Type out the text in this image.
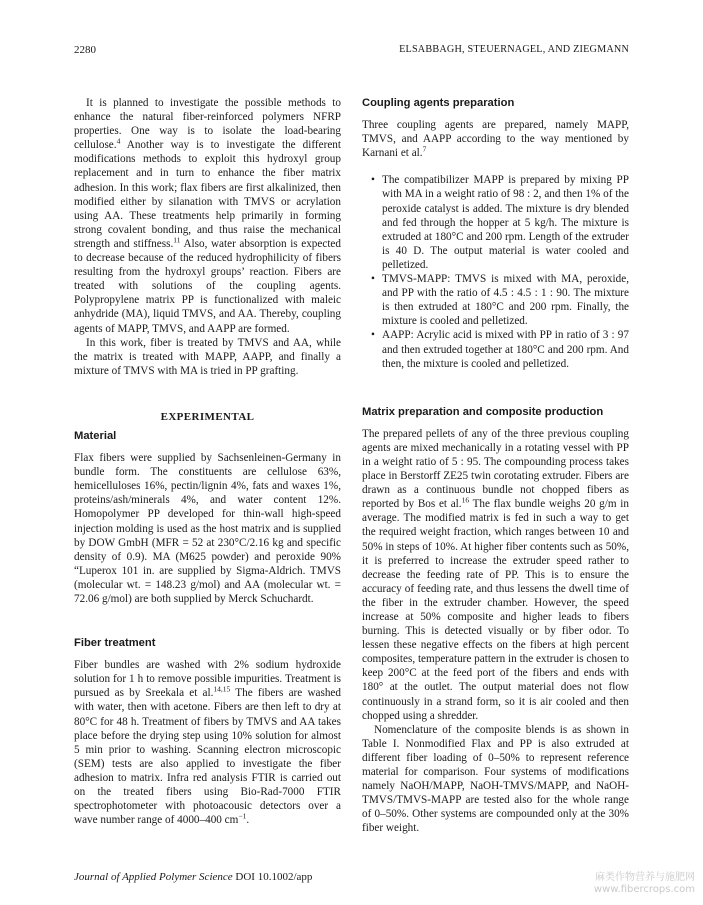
2280	ELSABBAGH, STEUERNAGEL, AND ZIEGMANN

It is planned to investigate the possible methods to enhance the natural fiber-reinforced polymers NFRP properties. One way is to isolate the load-bearing cellulose.$^4$ Another way is to investigate the different modifications methods to exploit this hydroxyl group replacement and in turn to enhance the fiber matrix adhesion. In this work; flax fibers are first alkalinized, then modified either by silanation with TMVS or acrylation using AA. These treatments help primarily in forming strong covalent bonding, and thus raise the mechanical strength and stiffness.$^{11}$ Also, water absorption is expected to decrease because of the reduced hydrophilicity of fibers resulting from the hydroxyl groups’ reaction. Fibers are treated with solutions of the coupling agents. Polypropylene matrix PP is functionalized with maleic anhydride (MA), liquid TMVS, and AA. Thereby, coupling agents of MAPP, TMVS, and AAPP are formed.

In this work, fiber is treated by TMVS and AA, while the matrix is treated with MAPP, AAPP, and finally a mixture of TMVS with MA is tried in PP grafting.

EXPERIMENTAL

Material

Flax fibers were supplied by Sachsenleinen-Germany in bundle form. The constituents are cellulose 63%, hemicelluloses 16%, pectin/lignin 4%, fats and waxes 1%, proteins/ash/minerals 4%, and water content 12%. Homopolymer PP developed for thin-wall high-speed injection molding is used as the host matrix and is supplied by DOW GmbH (MFR = 52 at 230°C/2.16 kg and specific density of 0.9). MA (M625 powder) and peroxide 90% “Luperox 101 in. are supplied by Sigma-Aldrich. TMVS (molecular wt. = 148.23 g/mol) and AA (molecular wt. = 72.06 g/mol) are both supplied by Merck Schuchardt.

Fiber treatment

Fiber bundles are washed with 2% sodium hydroxide solution for 1 h to remove possible impurities. Treatment is pursued as by Sreekala et al.$^{14,15}$ The fibers are washed with water, then with acetone. Fibers are then left to dry at 80°C for 48 h. Treatment of fibers by TMVS and AA takes place before the drying step using 10% solution for almost 5 min prior to washing. Scanning electron microscopic (SEM) tests are also applied to investigate the fiber adhesion to matrix. Infra red analysis FTIR is carried out on the treated fibers using Bio-Rad-7000 FTIR spectrophotometer with photoacousic detectors over a wave number range of 4000–400 $cm^{-1}$.

Coupling agents preparation

Three coupling agents are prepared, namely MAPP, TMVS, and AAPP according to the way mentioned by Karnani et al.$^7$

• The compatibilizer MAPP is prepared by mixing PP with MA in a weight ratio of 98 : 2, and then 1% of the peroxide catalyst is added. The mixture is dry blended and fed through the hopper at 5 kg/h. The mixture is extruded at 180°C and 200 rpm. Length of the extruder is 40 D. The output material is water cooled and pelletized.
• TMVS-MAPP: TMVS is mixed with MA, peroxide, and PP with the ratio of 4.5 : 4.5 : 1 : 90. The mixture is then extruded at 180°C and 200 rpm. Finally, the mixture is cooled and pelletized.
• AAPP: Acrylic acid is mixed with PP in ratio of 3 : 97 and then extruded together at 180°C and 200 rpm. And then, the mixture is cooled and pelletized.

Matrix preparation and composite production

The prepared pellets of any of the three previous coupling agents are mixed mechanically in a rotating vessel with PP in a weight ratio of 5 : 95. The compounding process takes place in Berstorff ZE25 twin corotating extruder. Fibers are drawn as a continuous bundle not chopped fibers as reported by Bos et al.$^{16}$ The flax bundle weighs 20 g/m in average. The modified matrix is fed in such a way to get the required weight fraction, which ranges between 10 and 50% in steps of 10%. At higher fiber contents such as 50%, it is preferred to increase the extruder speed rather to decrease the feeding rate of PP. This is to ensure the accuracy of feeding rate, and thus lessens the dwell time of the fiber in the extruder chamber. However, the speed increase at 50% composite and higher leads to fibers burning. This is detected visually or by fiber odor. To lessen these negative effects on the fibers at high percent composites, temperature pattern in the extruder is chosen to keep 200°C at the feed port of the fibers and ends with 180° at the outlet. The output material does not flow continuously in a strand form, so it is air cooled and then chopped using a shredder.

Nomenclature of the composite blends is as shown in Table I. Nonmodified Flax and PP is also extruded at different fiber loading of 0–50% to represent reference material for comparison. Four systems of modifications namely NaOH/MAPP, NaOH-TMVS/MAPP, and NaOH-TMVS/TMVS-MAPP are tested also for the whole range of 0–50%. Other systems are compounded only at the 30% fiber weight.

Journal of Applied Polymer Science DOI 10.1002/app	麻类作物营养与施肥网
www.fibercrops.com
